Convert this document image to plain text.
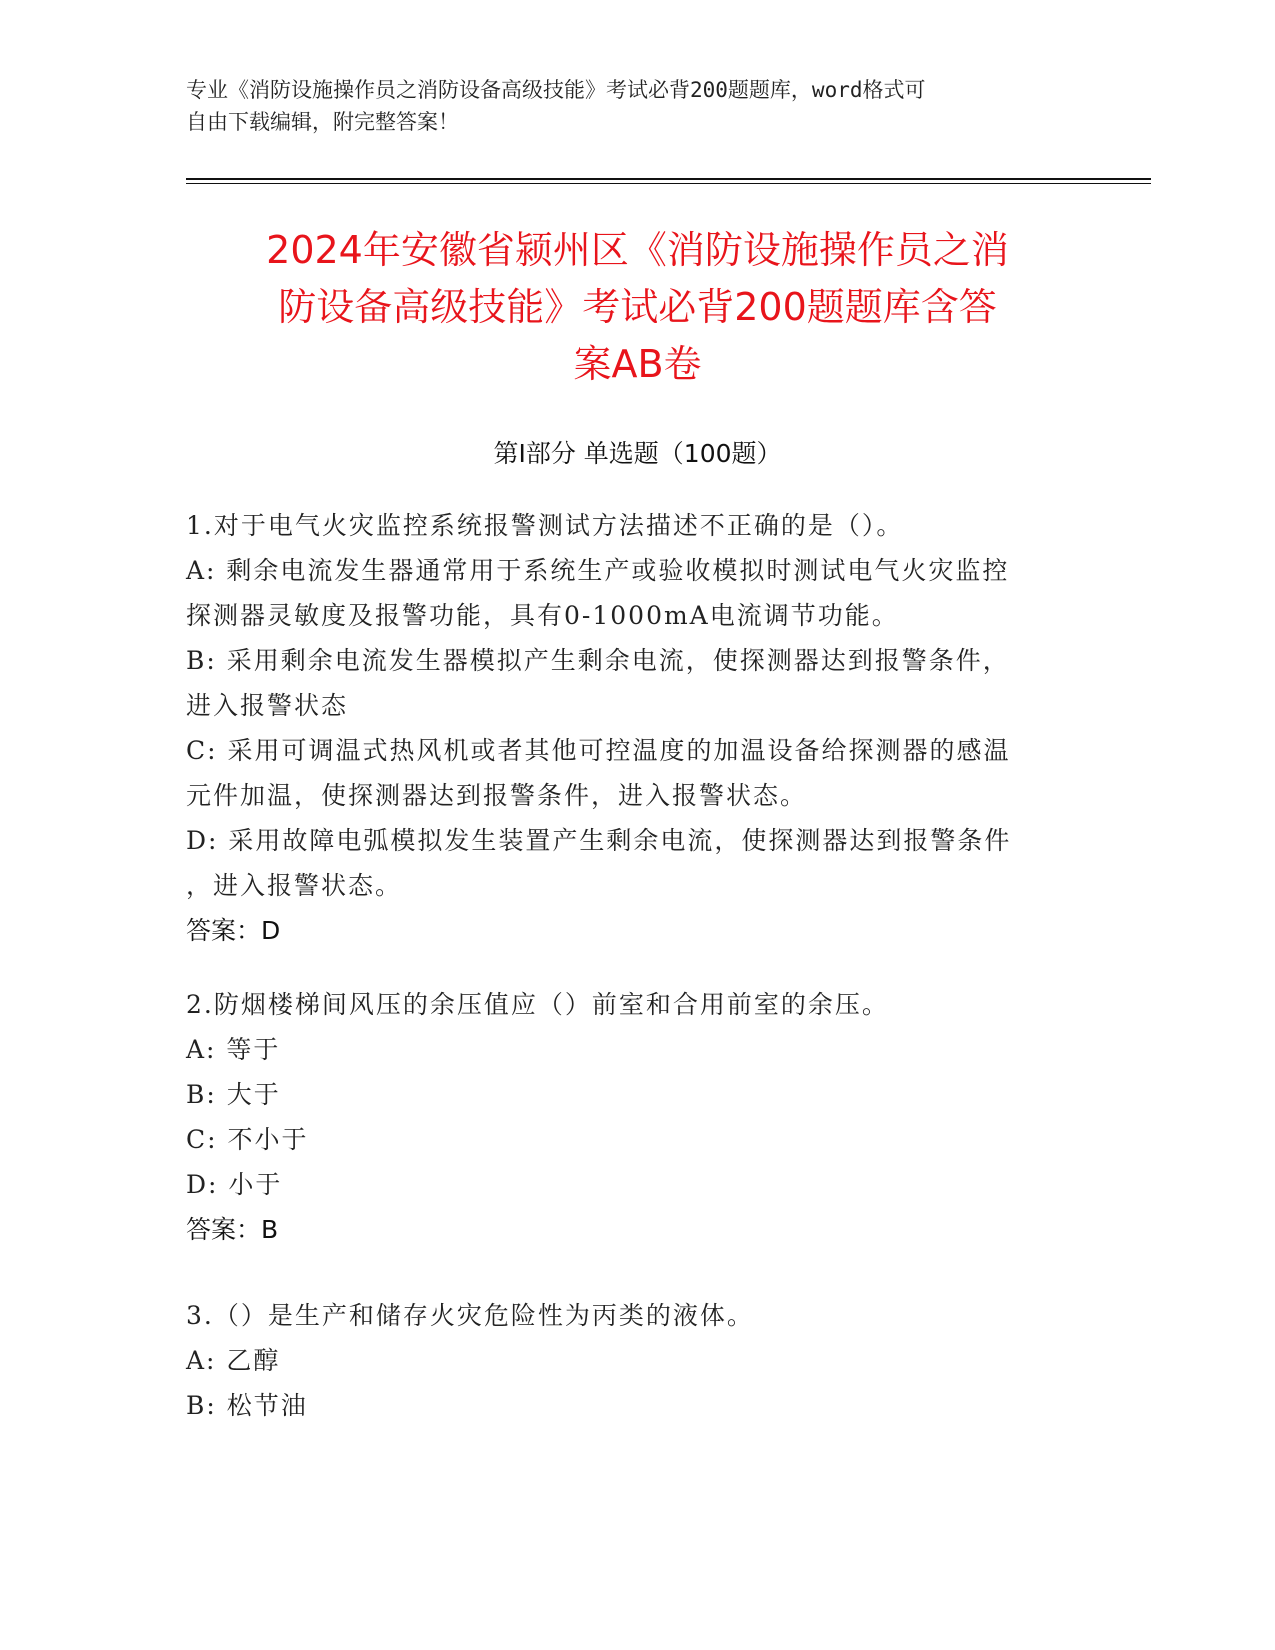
专业《消防设施操作员之消防设备高级技能》考试必背200题题库，word格式可
自由下载编辑，附完整答案！
2024年安徽省颍州区《消防设施操作员之消
防设备高级技能》考试必背200题题库含答
案AB卷
第I部分 单选题（100题）
1.对于电气火灾监控系统报警测试方法描述不正确的是（）。
A: 剩余电流发生器通常用于系统生产或验收模拟时测试电气火灾监控
探测器灵敏度及报警功能，具有0-1000mA电流调节功能。
B: 采用剩余电流发生器模拟产生剩余电流，使探测器达到报警条件，
进入报警状态
C: 采用可调温式热风机或者其他可控温度的加温设备给探测器的感温
元件加温，使探测器达到报警条件，进入报警状态。
D: 采用故障电弧模拟发生装置产生剩余电流，使探测器达到报警条件
，进入报警状态。
答案：D
2.防烟楼梯间风压的余压值应（）前室和合用前室的余压。
A: 等于
B: 大于
C: 不小于
D: 小于
答案：B
3.（）是生产和储存火灾危险性为丙类的液体。
A: 乙醇
B: 松节油
